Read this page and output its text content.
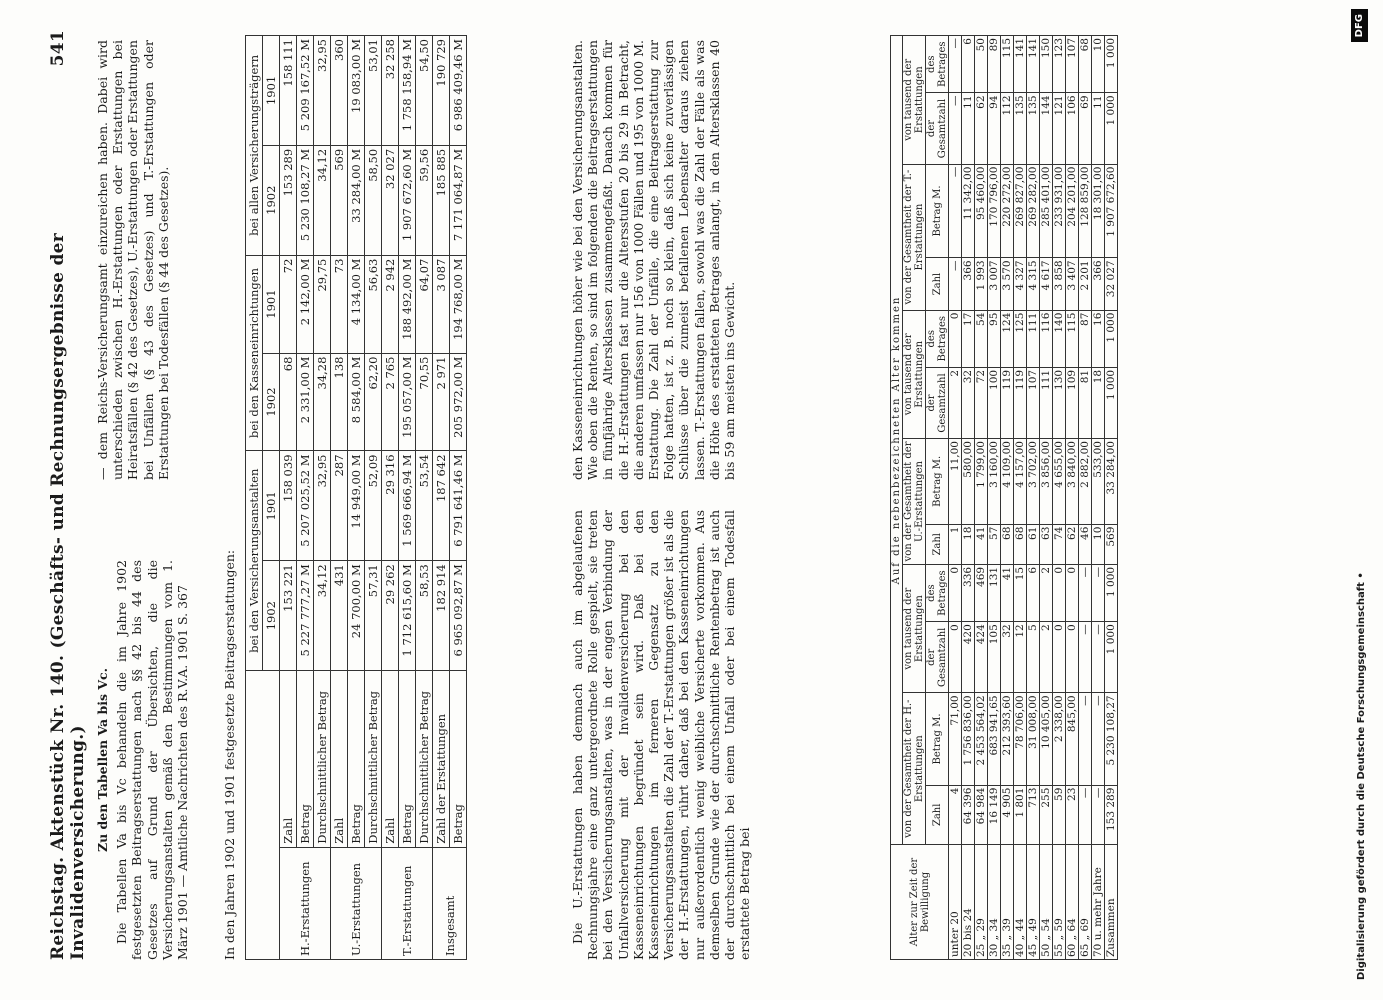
Reichstag. Aktenstück Nr. 140. (Geschäfts- und Rechnungsergebnisse der Invalidenversicherung.)
541

Zu den Tabellen Va bis Vc. Die Tabellen Va bis Vc behandeln die im Jahre 1902 festgesetzten Beitragserstattungen nach §§ 42 bis 44 des Gesetzes auf Grund der Übersichten, die die Versicherungsanstalten gemäß den Bestimmungen vom 1. März 1901 — Amtliche Nachrichten des R.V.A. 1901 S. 367

— dem Reichs-Versicherungsamt einzureichen haben. Dabei wird unterschieden zwischen H.-Erstattungen oder Erstattungen bei Heiratsfällen (§ 42 des Gesetzes), U.-Erstattungen oder Erstattungen bei Unfällen (§ 43 des Gesetzes) und T.-Erstattungen oder Erstattungen bei Todesfällen (§ 44 des Gesetzes).

In den Jahren 1902 und 1901 festgesetzte Beitragserstattungen:

		bei den Versicherungsanstalten		bei den Kasseneinrichtungen		bei allen Versicherungsträgern	
		1902	1901	1902	1901	1902	1901
H.-Erstattungen	Zahl	153 221	158 039	68	72	153 289	158 111
	Betrag	5 227 777,27 M	5 207 025,52 M	2 331,00 M	2 142,00 M	5 230 108,27 M	5 209 167,52 M
	Durchschnittlicher Betrag	34,12	32,95	34,28	29,75	34,12	32,95
U.-Erstattungen	Zahl	431	287	138	73	569	360
	Betrag	24 700,00 M	14 949,00 M	8 584,00 M	4 134,00 M	33 284,00 M	19 083,00 M
	Durchschnittlicher Betrag	57,31	52,09	62,20	56,63	58,50	53,01
T.-Erstattungen	Zahl	29 262	29 316	2 765	2 942	32 027	32 258
	Betrag	1 712 615,60 M	1 569 666,94 M	195 057,00 M	188 492,00 M	1 907 672,60 M	1 758 158,94 M
	Durchschnittlicher Betrag	58,53	53,54	70,55	64,07	59,56	54,50
Insgesamt	Zahl der Erstattungen	182 914	187 642	2 971	3 087	185 885	190 729
	Betrag	6 965 092,87 M	6 791 641,46 M	205 972,00 M	194 768,00 M	7 171 064,87 M	6 986 409,46 M

Die U.-Erstattungen haben demnach auch im abgelaufenen Rechnungsjahre eine ganz untergeordnete Rolle gespielt, sie treten bei den Versicherungsanstalten, was in der engen Verbindung der Unfallversicherung mit der Invalidenversicherung bei den Kasseneinrichtungen begründet sein wird. Daß bei den Kasseneinrichtungen im ferneren Gegensatz zu den Versicherungsanstalten die Zahl der T.-Erstattungen größer ist als die der H.-Erstattungen, rührt daher, daß bei den Kasseneinrichtungen nur außerordentlich wenig weibliche Versicherte vorkommen. Aus demselben Grunde wie der durchschnittliche Rentenbetrag ist auch der durchschnittlich bei einem Unfall oder bei einem Todesfall erstattete Betrag bei

den Kasseneinrichtungen höher wie bei den Versicherungsanstalten. Wie oben die Renten, so sind im folgenden die Beitragserstattungen in fünfjährige Altersklassen zusammengefaßt. Danach kommen für die H.-Erstattungen fast nur die Altersstufen 20 bis 29 in Betracht, die anderen umfassen nur 156 von 1000 Fällen und 195 von 1000 M. Erstattung. Die Zahl der Unfälle, die eine Beitragserstattung zur Folge hatten, ist z. B. noch so klein, daß sich keine zuverlässigen Schlüsse über die zumeist befallenen Lebensalter daraus ziehen lassen. T.-Erstattungen fallen, sowohl was die Zahl der Fälle als was die Höhe des erstatteten Betrages anlangt, in den Altersklassen 40 bis 59 am meisten ins Gewicht.

Alter zur Zeit der Bewilligung	Auf die nebenbezeichneten Alter kommen											
	von der Gesamtheit der H.-Erstattungen		von tausend der Erstattungen		von der Gesamtheit der U.-Erstattungen		von tausend der Erstattungen		von der Gesamtheit der T.-Erstattungen		von tausend der Erstattungen	
	Zahl	Betrag M.	der Gesamtzahl	des Betrages	Zahl	Betrag M.	der Gesamtzahl	des Betrages	Zahl	Betrag M.	der Gesamtzahl	des Betrages
unter 20	4	71,00	0	0	1	11,00	2	0	—	—	—	—
20 bis 24	64 396	1 756 836,00	420	336	18	580,00	32	17	366	11 342,00	11	6
25 „ 29	64 984	2 453 564,02	424	469	41	1 799,00	72	54	1 993	95 460,00	62	50
30 „ 34	16 149	683 941,65	105	131	57	3 160,00	100	95	3 007	170 796,00	94	89
35 „ 39	4 905	212 393,60	32	41	68	4 109,00	119	124	3 570	220 272,00	112	115
40 „ 44	1 801	78 706,00	12	15	68	4 157,00	119	125	4 327	269 827,00	135	141
45 „ 49	713	31 008,00	5	6	61	3 702,00	107	111	4 315	269 282,00	135	141
50 „ 54	255	10 405,00	2	2	63	3 856,00	111	116	4 617	285 401,00	144	150
55 „ 59	59	2 338,00	0	0	74	4 655,00	130	140	3 858	233 931,00	121	123
60 „ 64	23	845,00	0	0	62	3 840,00	109	115	3 407	204 201,00	106	107
65 „ 69	—	—	—	—	46	2 882,00	81	87	2 201	128 859,00	69	68
70 u. mehr Jahre	—	—	—	—	10	533,00	18	16	366	18 301,00	11	10
Zusammen	153 289	5 230 108,27	1 000	1 000	569	33 284,00	1 000	1 000	32 027	1 907 672,60	1 000	1 000
Digitalisierung gefördert durch die Deutsche Forschungsgemeinschaft •
DFG
